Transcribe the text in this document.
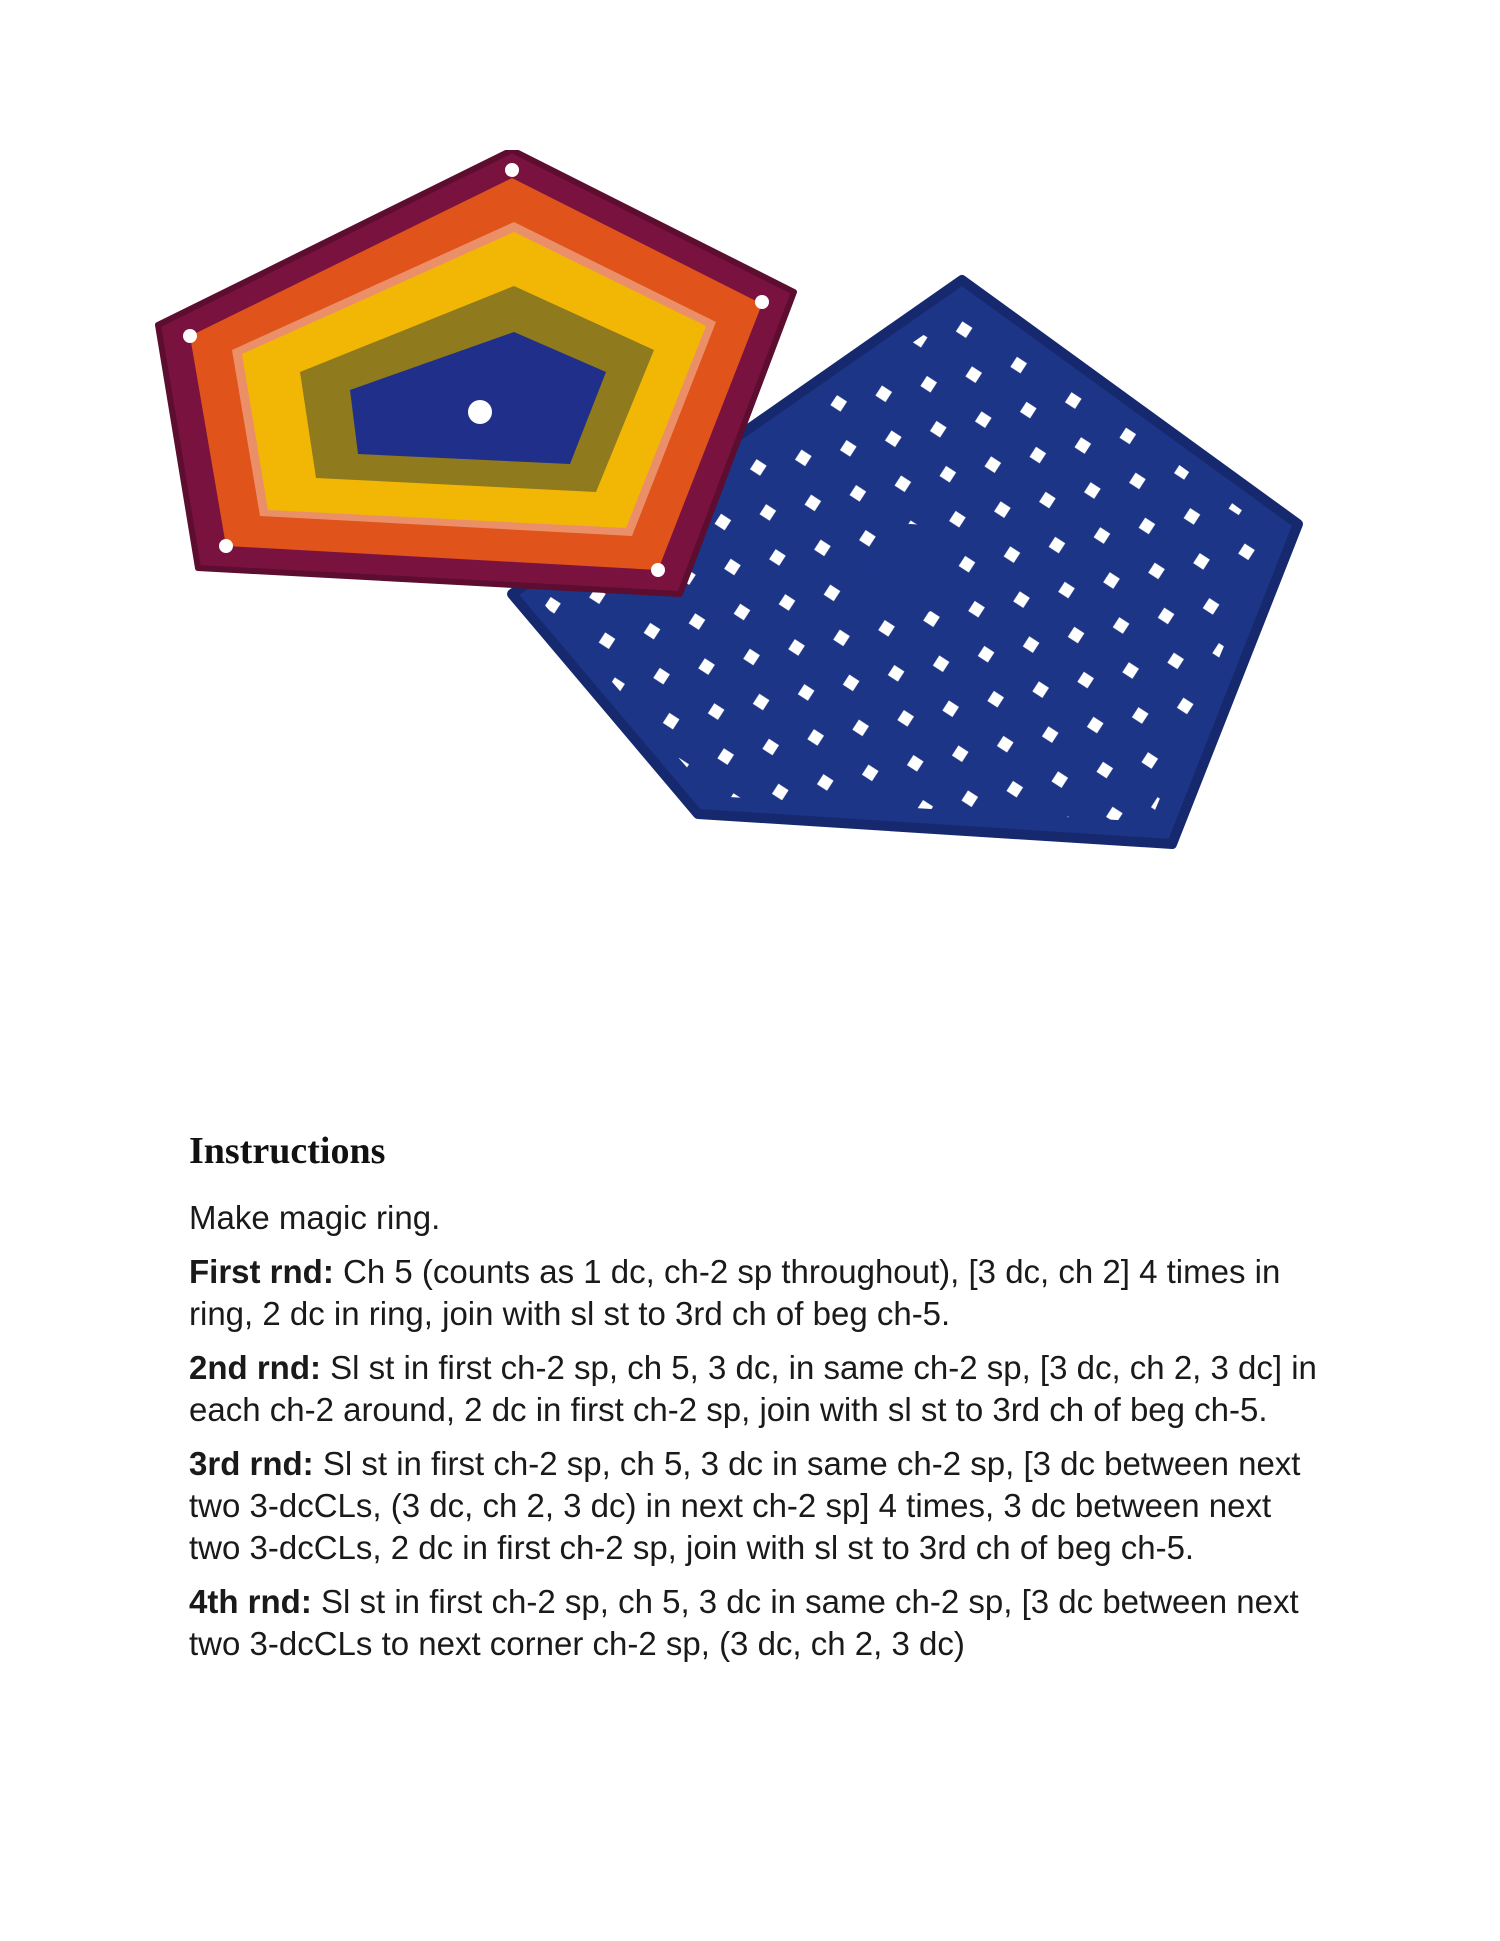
Instructions

Make magic ring.

First rnd: Ch 5 (counts as 1 dc, ch-2 sp throughout), [3 dc, ch 2] 4 times in ring, 2 dc in ring, join with sl st to 3rd ch of beg ch-5.

2nd rnd: Sl st in first ch-2 sp, ch 5, 3 dc, in same ch-2 sp, [3 dc, ch 2, 3 dc] in each ch-2 around, 2 dc in first ch-2 sp, join with sl st to 3rd ch of beg ch-5.

3rd rnd: Sl st in first ch-2 sp, ch 5, 3 dc in same ch-2 sp, [3 dc between next two 3-dcCLs, (3 dc, ch 2, 3 dc) in next ch-2 sp] 4 times, 3 dc between next two 3-dcCLs, 2 dc in first ch-2 sp, join with sl st to 3rd ch of beg ch-5.

4th rnd: Sl st in first ch-2 sp, ch 5, 3 dc in same ch-2 sp, [3 dc between next two 3-dcCLs to next corner ch-2 sp, (3 dc, ch 2, 3 dc)
